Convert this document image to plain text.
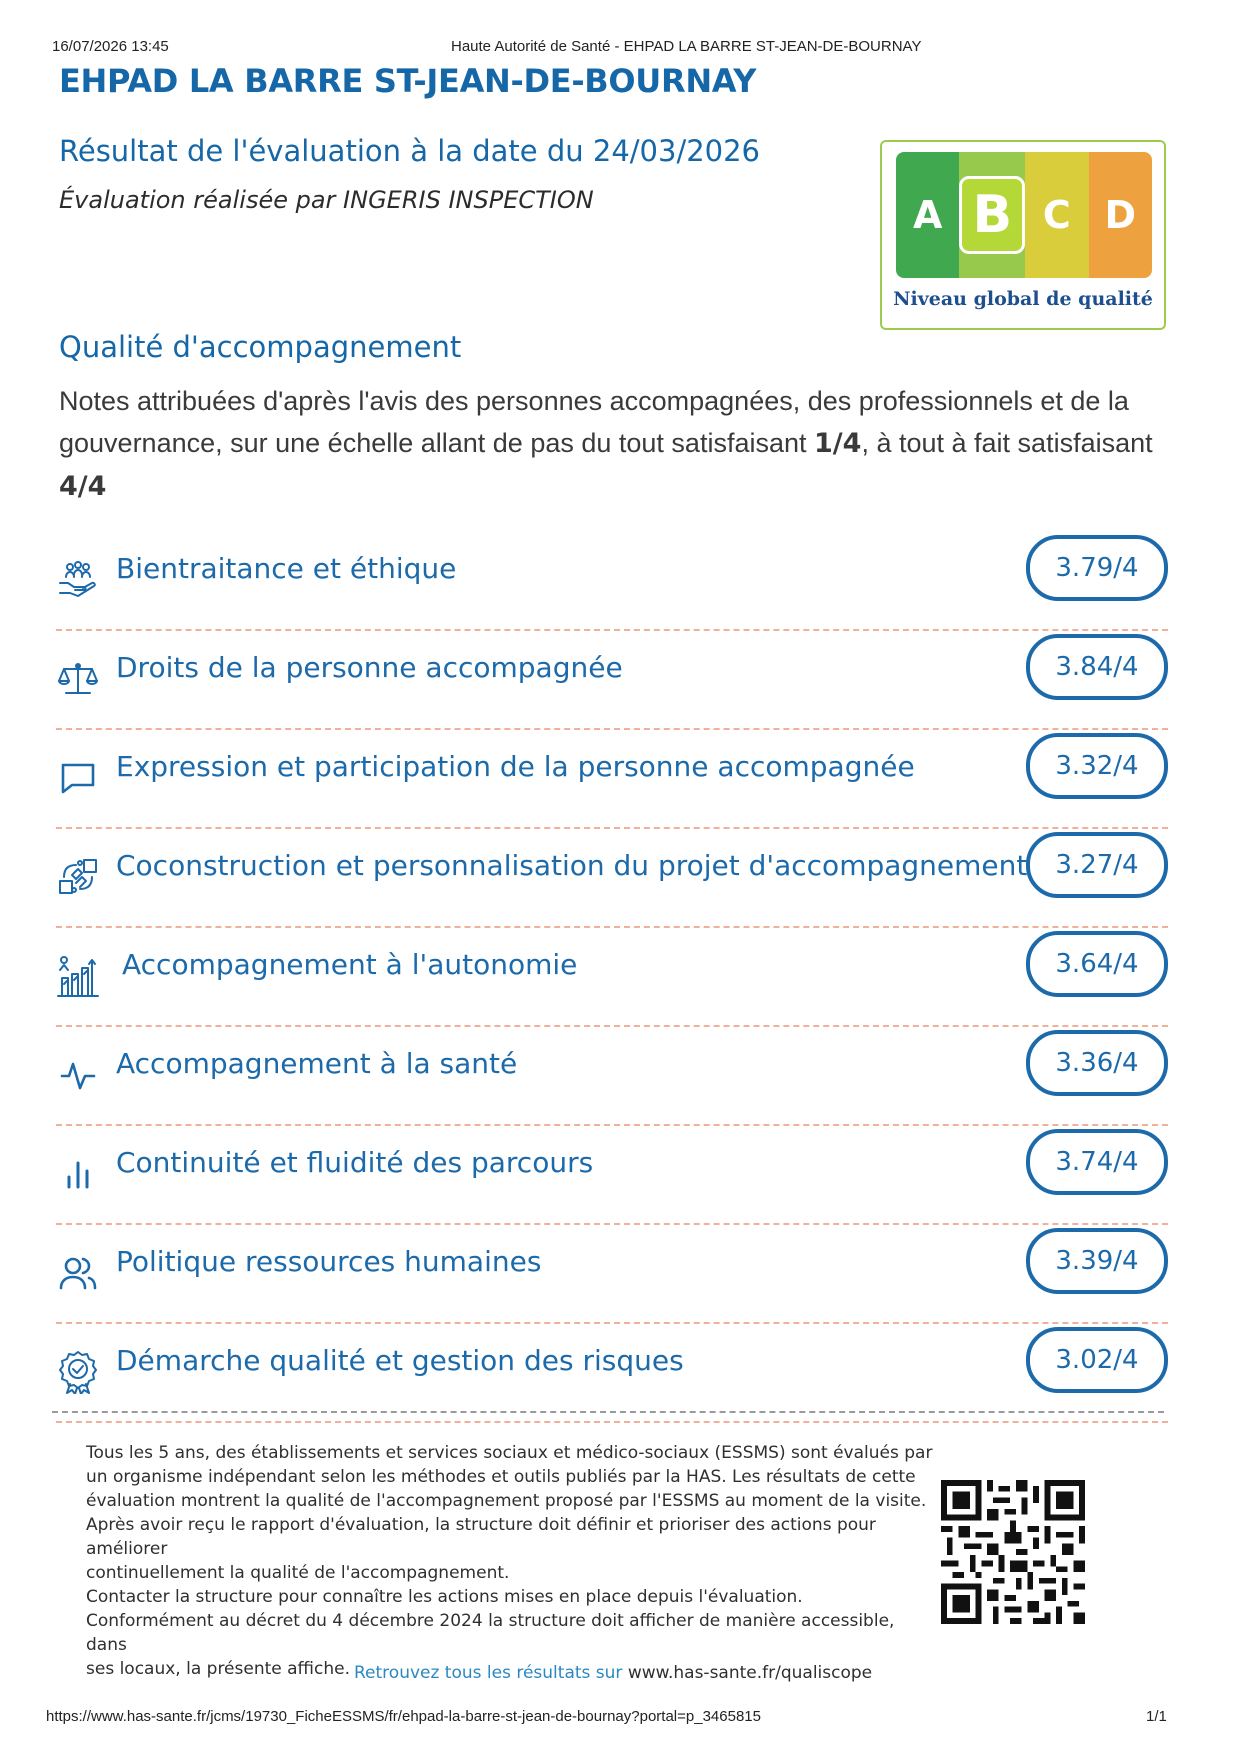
16/07/2026 13:45	Haute Autorité de Santé - EHPAD LA BARRE ST-JEAN-DE-BOURNAY
EHPAD LA BARRE ST-JEAN-DE-BOURNAY
Résultat de l'évaluation à la date du 24/03/2026
Évaluation réalisée par INGERIS INSPECTION	A B C D
Niveau global de qualité
Qualité d'accompagnement

Notes attribuées d'après l'avis des personnes accompagnées, des professionnels et de la gouvernance, sur une échelle allant de pas du tout satisfaisant 1/4, à tout à fait satisfaisant 4/4

Bientraitance et éthique	3.79/4
Droits de la personne accompagnée	3.84/4
Expression et participation de la personne accompagnée	3.32/4
Coconstruction et personnalisation du projet d'accompagnement	3.27/4
Accompagnement à l'autonomie	3.64/4
Accompagnement à la santé	3.36/4
Continuité et fluidité des parcours	3.74/4
Politique ressources humaines	3.39/4
Démarche qualité et gestion des risques	3.02/4
Tous les 5 ans, des établissements et services sociaux et médico-sociaux (ESSMS) sont évalués par
un organisme indépendant selon les méthodes et outils publiés par la HAS. Les résultats de cette
évaluation montrent la qualité de l'accompagnement proposé par l'ESSMS au moment de la visite.
Après avoir reçu le rapport d'évaluation, la structure doit définir et prioriser des actions pour améliorer
continuellement la qualité de l'accompagnement.
Contacter la structure pour connaître les actions mises en place depuis l'évaluation.
Conformément au décret du 4 décembre 2024 la structure doit afficher de manière accessible, dans
ses locaux, la présente affiche. Retrouvez tous les résultats sur www.has-sante.fr/qualiscope
https://www.has-sante.fr/jcms/19730_FicheESSMS/fr/ehpad-la-barre-st-jean-de-bournay?portal=p_3465815	1/1
